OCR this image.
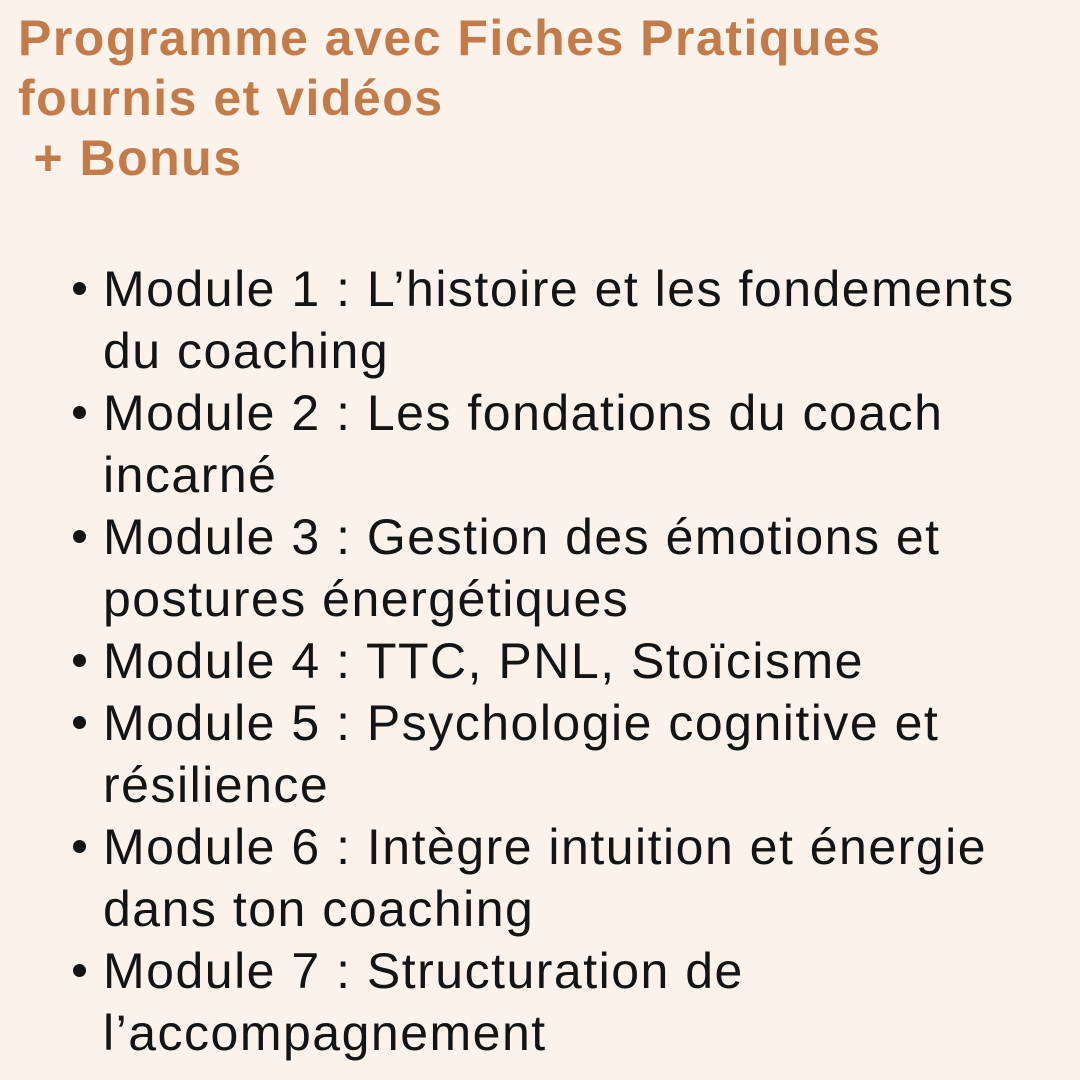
Programme avec Fiches Pratiques
fournis et vidéos
+ Bonus
Module 1 : L’histoire et les fondements du coaching
Module 2 : Les fondations du coach incarné
Module 3 : Gestion des émotions et postures énergétiques
Module 4 : TTC, PNL, Stoïcisme
Module 5 : Psychologie cognitive et résilience
Module 6 : Intègre intuition et énergie dans ton coaching
Module 7 : Structuration de l’accompagnement
